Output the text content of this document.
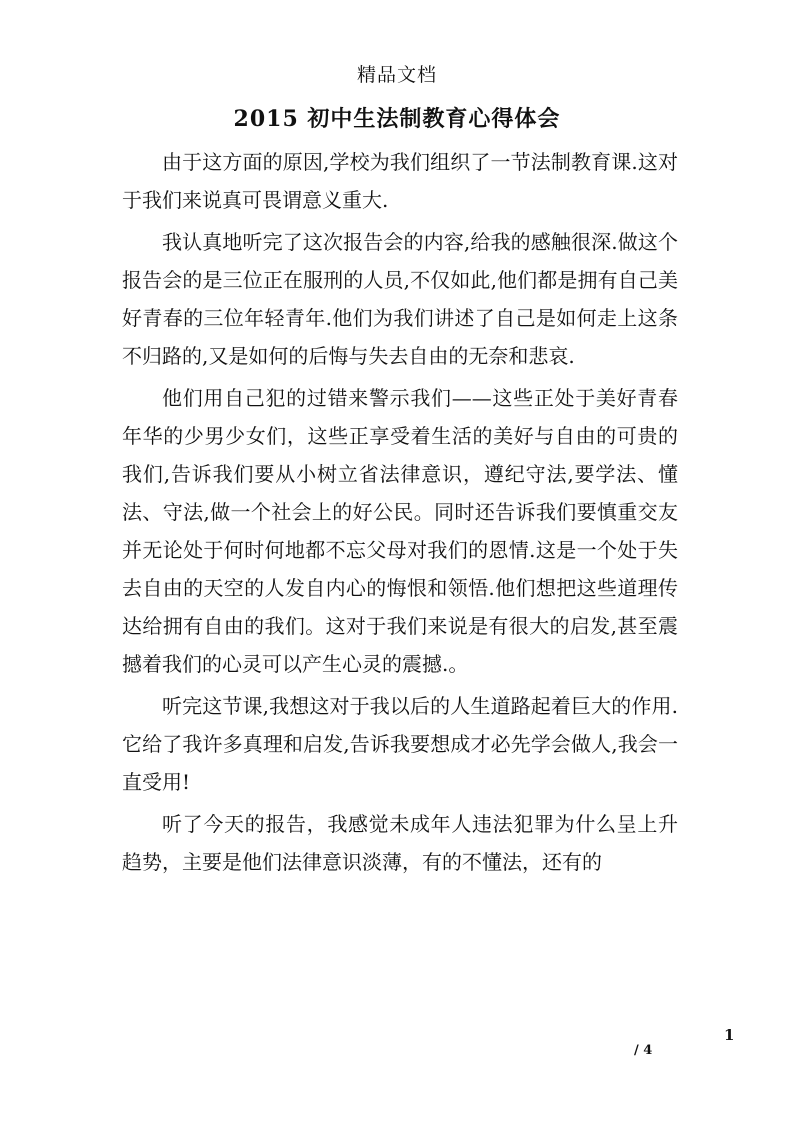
精品文档
2015 初中生法制教育心得体会

由于这方面的原因,学校为我们组织了一节法制教育课.这对于我们来说真可畏谓意义重大.

我认真地听完了这次报告会的内容,给我的感触很深.做这个报告会的是三位正在服刑的人员,不仅如此,他们都是拥有自己美好青春的三位年轻青年.他们为我们讲述了自己是如何走上这条不归路的,又是如何的后悔与失去自由的无奈和悲哀.

他们用自己犯的过错来警示我们——这些正处于美好青春年华的少男少女们，这些正享受着生活的美好与自由的可贵的我们,告诉我们要从小树立省法律意识，遵纪守法,要学法、懂法、守法,做一个社会上的好公民。同时还告诉我们要慎重交友并无论处于何时何地都不忘父母对我们的恩情.这是一个处于失去自由的天空的人发自内心的悔恨和领悟.他们想把这些道理传达给拥有自由的我们。这对于我们来说是有很大的启发,甚至震撼着我们的心灵可以产生心灵的震撼.。

听完这节课,我想这对于我以后的人生道路起着巨大的作用.它给了我许多真理和启发,告诉我要想成才必先学会做人,我会一直受用!

听了今天的报告，我感觉未成年人违法犯罪为什么呈上升趋势，主要是他们法律意识淡薄，有的不懂法，还有的

1
/ 4
